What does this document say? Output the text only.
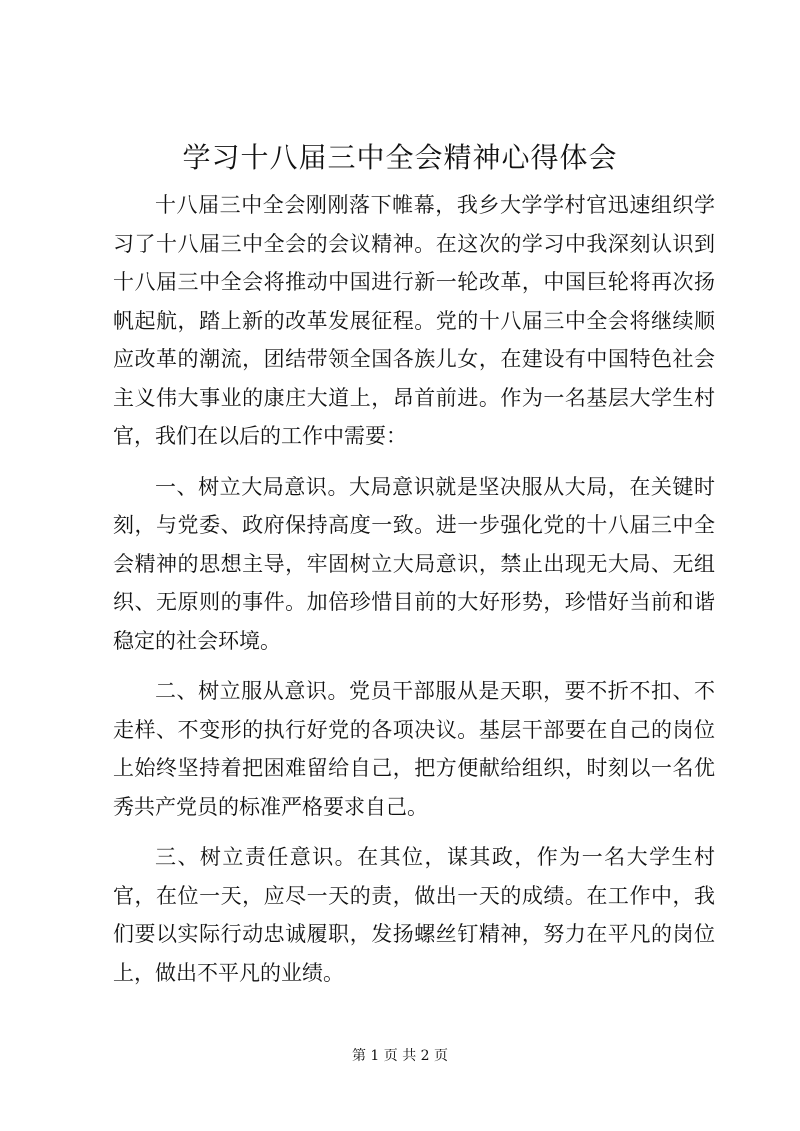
学习十八届三中全会精神心得体会

十八届三中全会刚刚落下帷幕，我乡大学学村官迅速组织学习了十八届三中全会的会议精神。在这次的学习中我深刻认识到十八届三中全会将推动中国进行新一轮改革，中国巨轮将再次扬帆起航，踏上新的改革发展征程。党的十八届三中全会将继续顺应改革的潮流，团结带领全国各族儿女，在建设有中国特色社会主义伟大事业的康庄大道上，昂首前进。作为一名基层大学生村官，我们在以后的工作中需要：

一、树立大局意识。大局意识就是坚决服从大局，在关键时刻，与党委、政府保持高度一致。进一步强化党的十八届三中全会精神的思想主导，牢固树立大局意识，禁止出现无大局、无组织、无原则的事件。加倍珍惜目前的大好形势，珍惜好当前和谐稳定的社会环境。

二、树立服从意识。党员干部服从是天职，要不折不扣、不走样、不变形的执行好党的各项决议。基层干部要在自己的岗位上始终坚持着把困难留给自己，把方便献给组织，时刻以一名优秀共产党员的标准严格要求自己。

三、树立责任意识。在其位，谋其政，作为一名大学生村官，在位一天，应尽一天的责，做出一天的成绩。在工作中，我们要以实际行动忠诚履职，发扬螺丝钉精神，努力在平凡的岗位上，做出不平凡的业绩。

第 1 页 共 2 页
